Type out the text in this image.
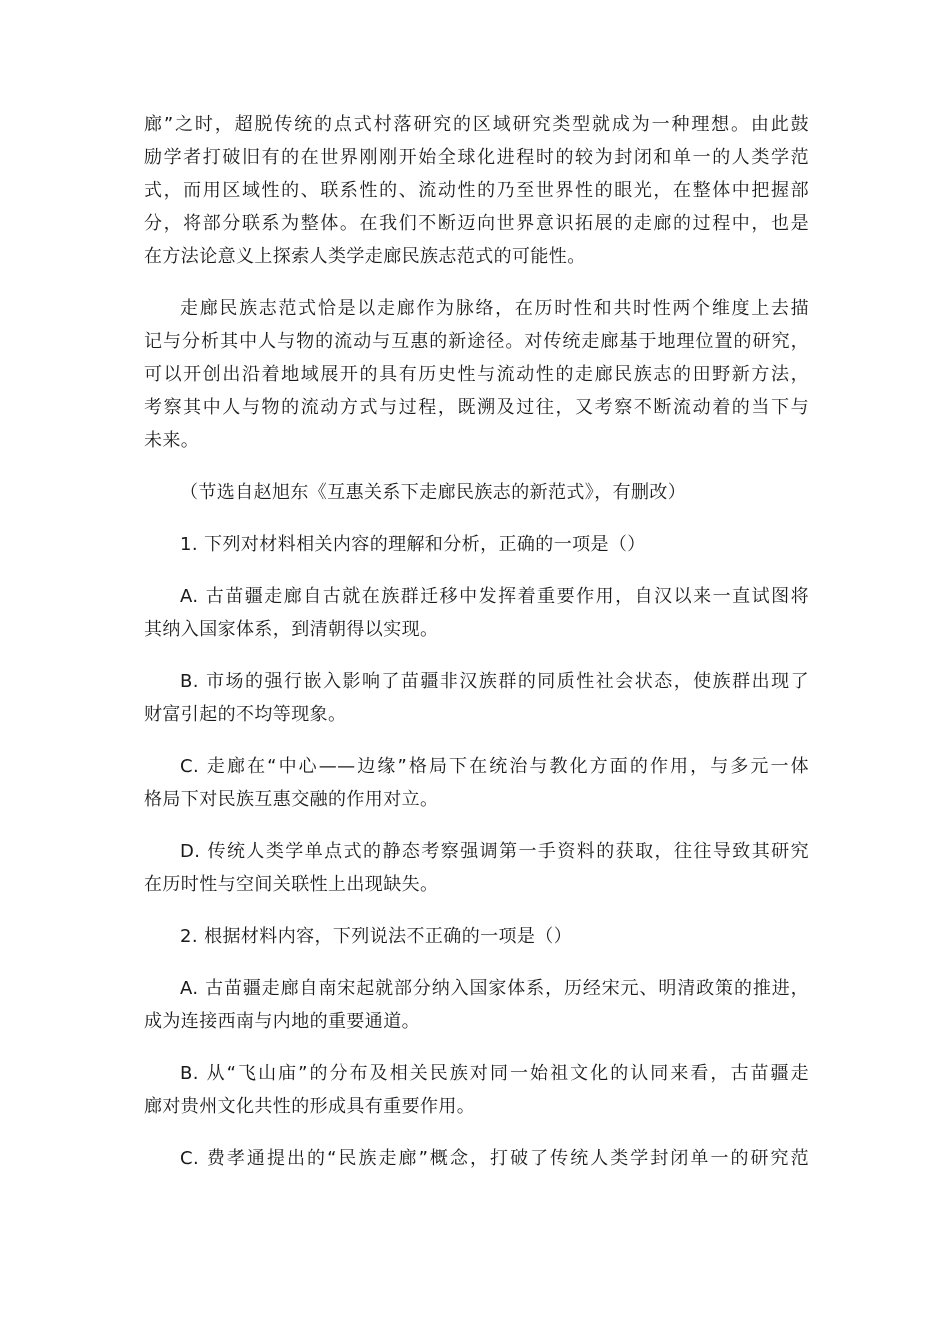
廊”之时，超脱传统的点式村落研究的区域研究类型就成为一种理想。由此鼓
励学者打破旧有的在世界刚刚开始全球化进程时的较为封闭和单一的人类学范
式，而用区域性的、联系性的、流动性的乃至世界性的眼光，在整体中把握部
分，将部分联系为整体。在我们不断迈向世界意识拓展的走廊的过程中，也是
在方法论意义上探索人类学走廊民族志范式的可能性。
走廊民族志范式恰是以走廊作为脉络，在历时性和共时性两个维度上去描
记与分析其中人与物的流动与互惠的新途径。对传统走廊基于地理位置的研究，
可以开创出沿着地域展开的具有历史性与流动性的走廊民族志的田野新方法，
考察其中人与物的流动方式与过程，既溯及过往，又考察不断流动着的当下与
未来。
（节选自赵旭东《互惠关系下走廊民族志的新范式》，有删改）
1. 下列对材料相关内容的理解和分析，正确的一项是（）
A. 古苗疆走廊自古就在族群迁移中发挥着重要作用，自汉以来一直试图将
其纳入国家体系，到清朝得以实现。
B. 市场的强行嵌入影响了苗疆非汉族群的同质性社会状态，使族群出现了
财富引起的不均等现象。
C. 走廊在“中心——边缘”格局下在统治与教化方面的作用，与多元一体
格局下对民族互惠交融的作用对立。
D. 传统人类学单点式的静态考察强调第一手资料的获取，往往导致其研究
在历时性与空间关联性上出现缺失。
2. 根据材料内容，下列说法不正确的一项是（）
A. 古苗疆走廊自南宋起就部分纳入国家体系，历经宋元、明清政策的推进，
成为连接西南与内地的重要通道。
B. 从“飞山庙”的分布及相关民族对同一始祖文化的认同来看，古苗疆走
廊对贵州文化共性的形成具有重要作用。
C. 费孝通提出的“民族走廊”概念，打破了传统人类学封闭单一的研究范
